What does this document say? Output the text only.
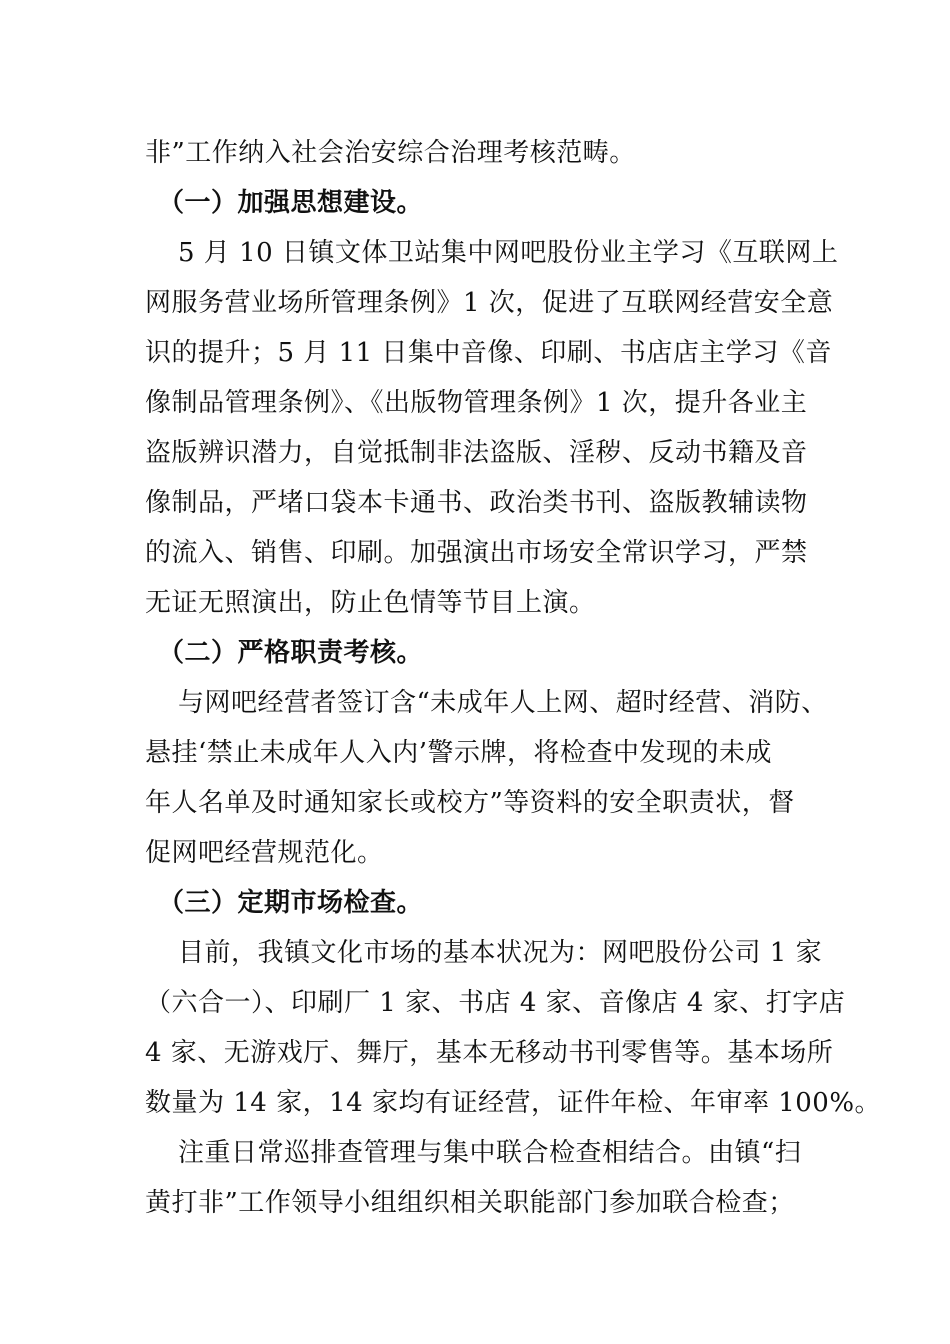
非”工作纳入社会治安综合治理考核范畴。
（一）加强思想建设。
5 月 10 日镇文体卫站集中网吧股份业主学习《互联网上
网服务营业场所管理条例》1 次，促进了互联网经营安全意
识的提升；5 月 11 日集中音像、印刷、书店店主学习《音
像制品管理条例》、《出版物管理条例》1 次，提升各业主
盗版辨识潜力，自觉抵制非法盗版、淫秽、反动书籍及音
像制品，严堵口袋本卡通书、政治类书刊、盗版教辅读物
的流入、销售、印刷。加强演出市场安全常识学习，严禁
无证无照演出，防止色情等节目上演。
（二）严格职责考核。
与网吧经营者签订含“未成年人上网、超时经营、消防、
悬挂‘禁止未成年人入内’警示牌，将检查中发现的未成
年人名单及时通知家长或校方”等资料的安全职责状，督
促网吧经营规范化。
（三）定期市场检查。
目前，我镇文化市场的基本状况为：网吧股份公司 1 家
（六合一）、印刷厂 1 家、书店 4 家、音像店 4 家、打字店
4 家、无游戏厅、舞厅，基本无移动书刊零售等。基本场所
数量为 14 家，14 家均有证经营，证件年检、年审率 100%。
注重日常巡排查管理与集中联合检查相结合。由镇“扫
黄打非”工作领导小组组织相关职能部门参加联合检查；
